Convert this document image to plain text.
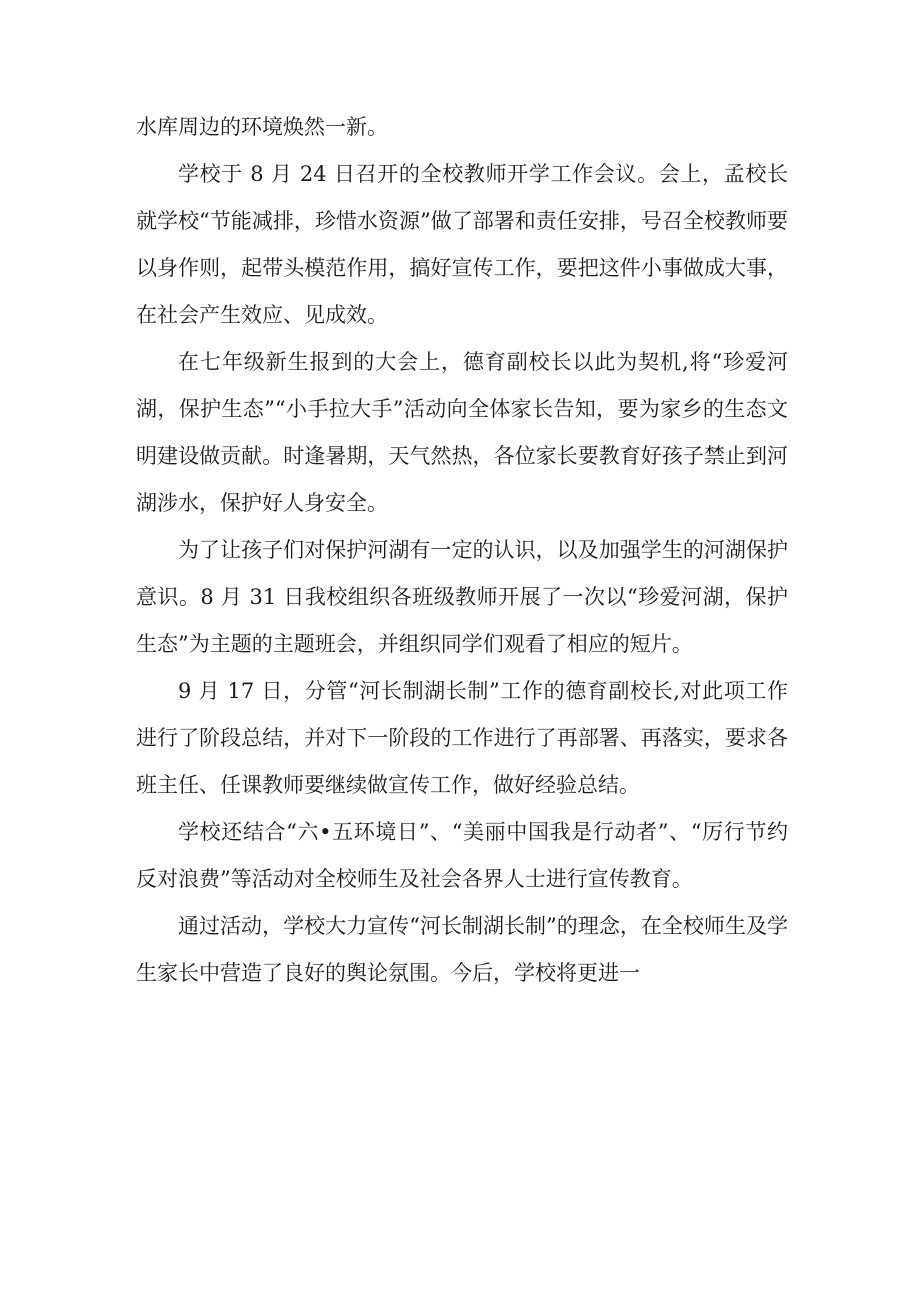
水库周边的环境焕然一新。

学校于 8 月 24 日召开的全校教师开学工作会议。会上，孟校长就学校“节能减排，珍惜水资源”做了部署和责任安排，号召全校教师要以身作则，起带头模范作用，搞好宣传工作，要把这件小事做成大事，在社会产生效应、见成效。

在七年级新生报到的大会上，德育副校长以此为契机,将“珍爱河湖，保护生态”“小手拉大手”活动向全体家长告知，要为家乡的生态文明建设做贡献。时逢暑期，天气然热，各位家长要教育好孩子禁止到河湖涉水，保护好人身安全。

为了让孩子们对保护河湖有一定的认识，以及加强学生的河湖保护意识。8 月 31 日我校组织各班级教师开展了一次以“珍爱河湖，保护生态”为主题的主题班会，并组织同学们观看了相应的短片。

9 月 17 日，分管“河长制湖长制”工作的德育副校长,对此项工作进行了阶段总结，并对下一阶段的工作进行了再部署、再落实，要求各班主任、任课教师要继续做宣传工作，做好经验总结。

学校还结合“六•五环境日”、“美丽中国我是行动者”、“厉行节约反对浪费”等活动对全校师生及社会各界人士进行宣传教育。

通过活动，学校大力宣传“河长制湖长制”的理念，在全校师生及学生家长中营造了良好的舆论氛围。今后，学校将更进一
